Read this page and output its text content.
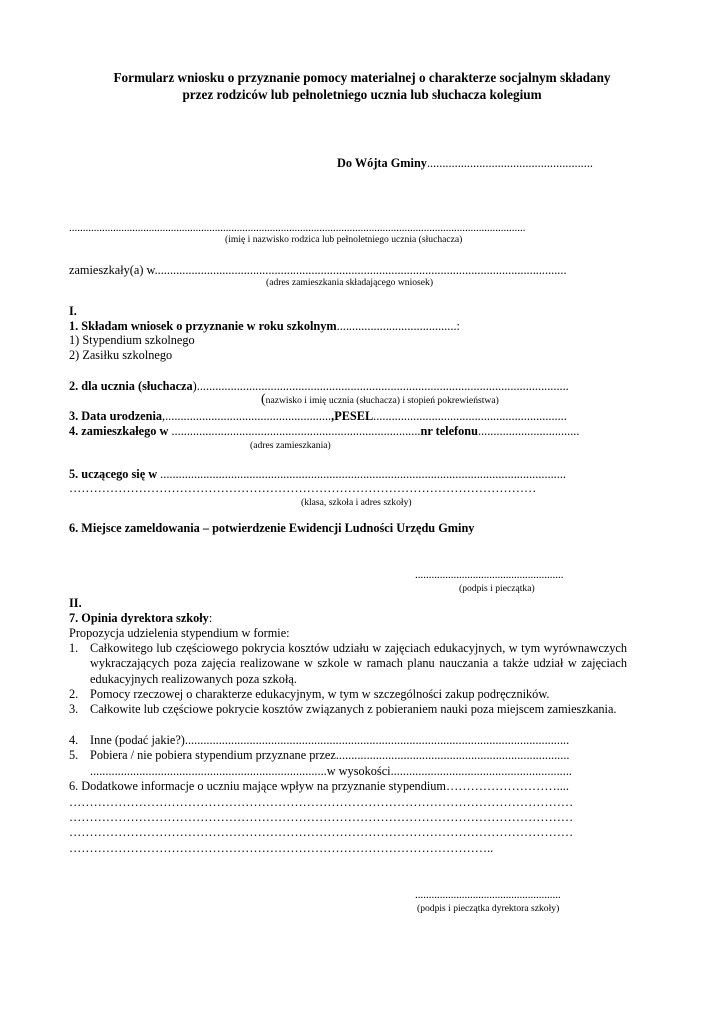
Formularz wniosku o przyznanie pomocy materialnej o charakterze socjalnym składany
przez rodziców lub pełnoletniego ucznia lub słuchacza kolegium
Do Wójta Gminy......................................................
......................................................................................................................................................................
(imię i nazwisko rodzica lub pełnoletniego ucznia (słuchacza)
zamieszkały(a) w......................................................................................................................................
(adres zamieszkania składającego wniosek)
I.
1. Składam wniosek o przyznanie w roku szkolnym.......................................:
1) Stypendium szkolnego
2) Zasiłku szkolnego
2. dla ucznia (słuchacza).........................................................................................................................
(nazwisko i imię ucznia (słuchacza) i stopień pokrewieństwa)
3. Data urodzenia,......................................................,PESEL...............................................................
4. zamieszkałego w .................................................................................nr telefonu.................................
(adres zamieszkania)
5. uczącego się w ....................................................................................................................................
……………………………………………………………………………………………………
(klasa, szkoła i adres szkoły)
6. Miejsce zameldowania – potwierdzenie Ewidencji Ludności Urzędu Gminy
......................................................
(podpis i pieczątka)
II.
7. Opinia dyrektora szkoły:
Propozycja udzielenia stypendium w formie:
1. Całkowitego lub częściowego pokrycia kosztów udziału w zajęciach edukacyjnych, w tym wyrównawczych wykraczających poza zajęcia realizowane w szkole w ramach planu nauczania a także udział w zajęciach edukacyjnych realizowanych poza szkołą.
2. Pomocy rzeczowej o charakterze edukacyjnym, w tym w szczególności zakup podręczników.
3. Całkowite lub częściowe pokrycie kosztów związanych z pobieraniem nauki poza miejscem zamieszkania.
4. Inne (podać jakie?).............................................................................................................................
5. Pobiera / nie pobiera stypendium przyznane przez............................................................................
.............................................................................w wysokości...........................................................
6. Dodatkowe informacje o uczniu mające wpływ na przyznanie stypendium………………………....
……………………………………………………………………………………………………………
……………………………………………………………………………………………………………
……………………………………………………………………………………………………………
…………………………………………………………………………………………..
.....................................................
(podpis i pieczątka dyrektora szkoły)
